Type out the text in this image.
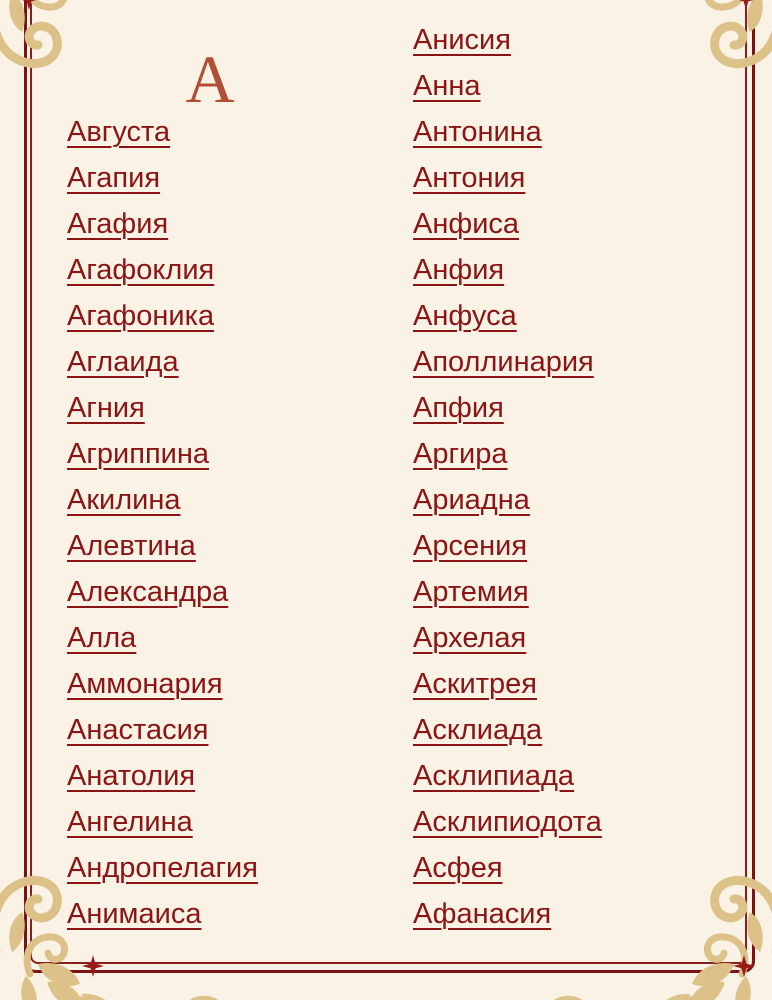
А
Августа
Агапия
Агафия
Агафоклия
Агафоника
Аглаида
Агния
Агриппина
Акилина
Алевтина
Александра
Алла
Аммонария
Анастасия
Анатолия
Ангелина
Андропелагия
Анимаиса
Анисия
Анна
Антонина
Антония
Анфиса
Анфия
Анфуса
Аполлинария
Апфия
Аргира
Ариадна
Арсения
Артемия
Архелая
Аскитрея
Асклиада
Асклипиада
Асклипиодота
Асфея
Афанасия
